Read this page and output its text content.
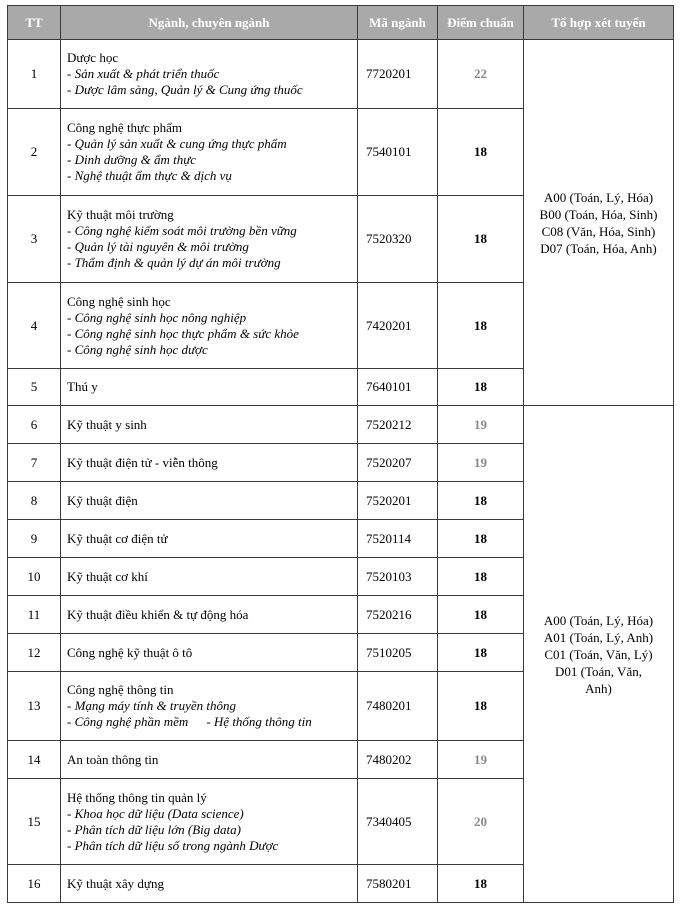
TT	Ngành, chuyên ngành	Mã ngành	Điểm chuẩn	Tổ hợp xét tuyển
1	Dược học
- Sản xuất & phát triển thuốc
- Dược lâm sàng, Quản lý & Cung ứng thuốc	7720201	22	A00 (Toán, Lý, Hóa)
B00 (Toán, Hóa, Sinh)
C08 (Văn, Hóa, Sinh)
D07 (Toán, Hóa, Anh)

2	Công nghệ thực phẩm
- Quản lý sản xuất & cung ứng thực phẩm
- Dinh dưỡng & ẩm thực
- Nghệ thuật ẩm thực & dịch vụ	7540101	18	
3	Kỹ thuật môi trường
- Công nghệ kiểm soát môi trường bền vững
- Quản lý tài nguyên & môi trường
- Thẩm định & quản lý dự án môi trường	7520320	18	
4	Công nghệ sinh học
- Công nghệ sinh học nông nghiệp
- Công nghệ sinh học thực phẩm & sức khỏe
- Công nghệ sinh học dược	7420201	18	
5	Thú y	7640101	18	
6	Kỹ thuật y sinh	7520212	19	A00 (Toán, Lý, Hóa)
A01 (Toán, Lý, Anh)
C01 (Toán, Văn, Lý)
D01 (Toán, Văn,
Anh)

7	Kỹ thuật điện tử - viễn thông	7520207	19	
8	Kỹ thuật điện	7520201	18	
9	Kỹ thuật cơ điện tử	7520114	18	
10	Kỹ thuật cơ khí	7520103	18	
11	Kỹ thuật điều khiển & tự động hóa	7520216	18	
12	Công nghệ kỹ thuật ô tô	7510205	18	
13	Công nghệ thông tin
- Mạng máy tính & truyền thông
- Công nghệ phần mềm - Hệ thống thông tin	7480201	18	
14	An toàn thông tin	7480202	19	
15	Hệ thống thông tin quản lý
- Khoa học dữ liệu (Data science)
- Phân tích dữ liệu lớn (Big data)
- Phân tích dữ liệu số trong ngành Dược	7340405	20	
16	Kỹ thuật xây dựng	7580201	18	
